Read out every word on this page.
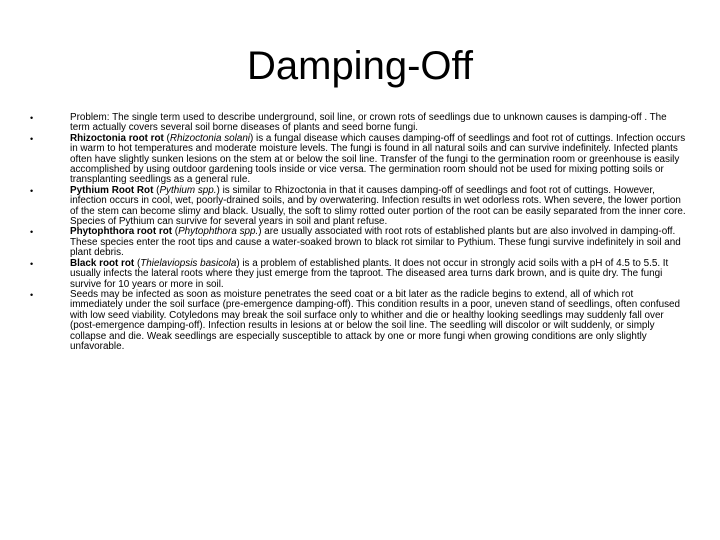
Damping-Off
•	Problem: The single term used to describe underground, soil line, or crown rots of seedlings due to unknown causes is damping-off . The term actually covers several soil borne diseases of plants and seed borne fungi.
•	Rhizoctonia root rot (Rhizoctonia solani) is a fungal disease which causes damping-off of seedlings and foot rot of cuttings. Infection occurs in warm to hot temperatures and moderate moisture levels. The fungi is found in all natural soils and can survive indefinitely. Infected plants often have slightly sunken lesions on the stem at or below the soil line. Transfer of the fungi to the germination room or greenhouse is easily accomplished by using outdoor gardening tools inside or vice versa. The germination room should not be used for mixing potting soils or transplanting seedlings as a general rule.
•	Pythium Root Rot (Pythium spp.) is similar to Rhizoctonia in that it causes damping-off of seedlings and foot rot of cuttings. However, infection occurs in cool, wet, poorly-drained soils, and by overwatering. Infection results in wet odorless rots. When severe, the lower portion of the stem can become slimy and black. Usually, the soft to slimy rotted outer portion of the root can be easily separated from the inner core. Species of Pythium can survive for several years in soil and plant refuse.
•	Phytophthora root rot (Phytophthora spp.) are usually associated with root rots of established plants but are also involved in damping-off. These species enter the root tips and cause a water-soaked brown to black rot similar to Pythium. These fungi survive indefinitely in soil and plant debris.
•	Black root rot (Thielaviopsis basicola) is a problem of established plants. It does not occur in strongly acid soils with a pH of 4.5 to 5.5. It usually infects the lateral roots where they just emerge from the taproot. The diseased area turns dark brown, and is quite dry. The fungi survive for 10 years or more in soil.
•	Seeds may be infected as soon as moisture penetrates the seed coat or a bit later as the radicle begins to extend, all of which rot immediately under the soil surface (pre-emergence damping-off). This condition results in a poor, uneven stand of seedlings, often confused with low seed viability. Cotyledons may break the soil surface only to whither and die or healthy looking seedlings may suddenly fall over (post-emergence damping-off). Infection results in lesions at or below the soil line. The seedling will discolor or wilt suddenly, or simply collapse and die. Weak seedlings are especially susceptible to attack by one or more fungi when growing conditions are only slightly unfavorable.
